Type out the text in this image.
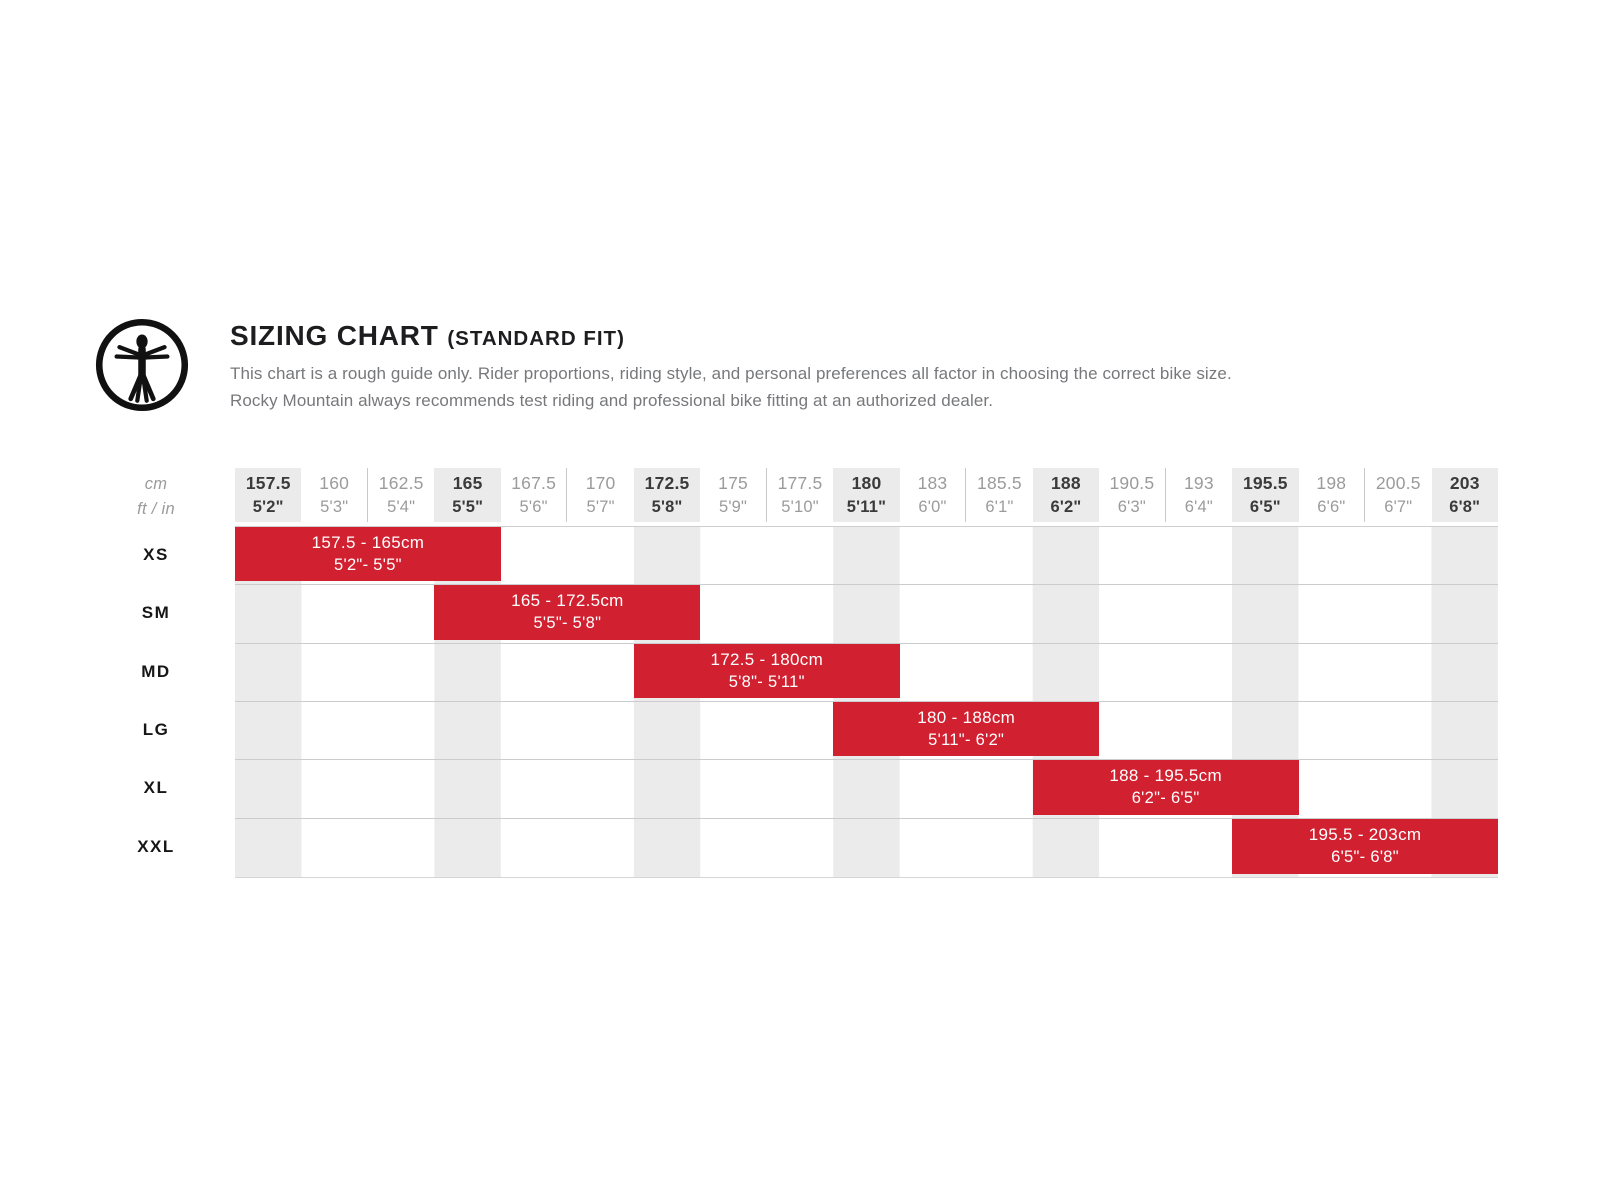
SIZING CHART (STANDARD FIT)

This chart is a rough guide only. Rider proportions, riding style, and personal preferences all factor in choosing the correct bike size.
Rocky Mountain always recommends test riding and professional bike fitting at an authorized dealer.

cm
ft / in
157.5
5'2"
160
5'3"
162.5
5'4"
165
5'5"
167.5
5'6"
170
5'7"
172.5
5'8"
175
5'9"
177.5
5'10"
180
5'11"
183
6'0"
185.5
6'1"
188
6'2"
190.5
6'3"
193
6'4"
195.5
6'5"
198
6'6"
200.5
6'7"
203
6'8"
XS
SM
MD
LG
XL
XXL
157.5 - 165cm
5'2"- 5'5"
165 - 172.5cm
5'5"- 5'8"
172.5 - 180cm
5'8"- 5'11"
180 - 188cm
5'11"- 6'2"
188 - 195.5cm
6'2"- 6'5"
195.5 - 203cm
6'5"- 6'8"
